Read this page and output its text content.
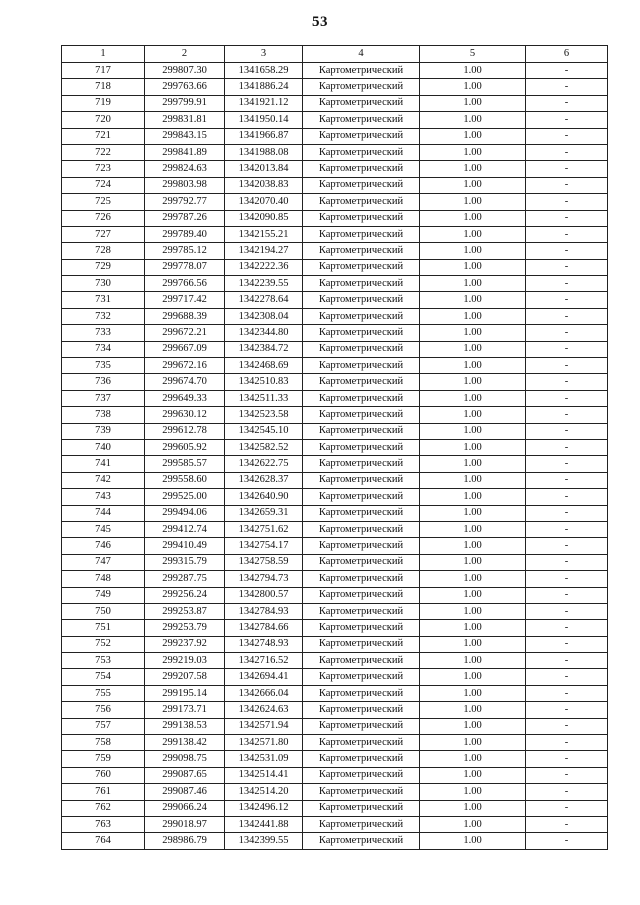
53
1	2	3	4	5	6
717	299807.30	1341658.29	Картометрический	1.00	-
718	299763.66	1341886.24	Картометрический	1.00	-
719	299799.91	1341921.12	Картометрический	1.00	-
720	299831.81	1341950.14	Картометрический	1.00	-
721	299843.15	1341966.87	Картометрический	1.00	-
722	299841.89	1341988.08	Картометрический	1.00	-
723	299824.63	1342013.84	Картометрический	1.00	-
724	299803.98	1342038.83	Картометрический	1.00	-
725	299792.77	1342070.40	Картометрический	1.00	-
726	299787.26	1342090.85	Картометрический	1.00	-
727	299789.40	1342155.21	Картометрический	1.00	-
728	299785.12	1342194.27	Картометрический	1.00	-
729	299778.07	1342222.36	Картометрический	1.00	-
730	299766.56	1342239.55	Картометрический	1.00	-
731	299717.42	1342278.64	Картометрический	1.00	-
732	299688.39	1342308.04	Картометрический	1.00	-
733	299672.21	1342344.80	Картометрический	1.00	-
734	299667.09	1342384.72	Картометрический	1.00	-
735	299672.16	1342468.69	Картометрический	1.00	-
736	299674.70	1342510.83	Картометрический	1.00	-
737	299649.33	1342511.33	Картометрический	1.00	-
738	299630.12	1342523.58	Картометрический	1.00	-
739	299612.78	1342545.10	Картометрический	1.00	-
740	299605.92	1342582.52	Картометрический	1.00	-
741	299585.57	1342622.75	Картометрический	1.00	-
742	299558.60	1342628.37	Картометрический	1.00	-
743	299525.00	1342640.90	Картометрический	1.00	-
744	299494.06	1342659.31	Картометрический	1.00	-
745	299412.74	1342751.62	Картометрический	1.00	-
746	299410.49	1342754.17	Картометрический	1.00	-
747	299315.79	1342758.59	Картометрический	1.00	-
748	299287.75	1342794.73	Картометрический	1.00	-
749	299256.24	1342800.57	Картометрический	1.00	-
750	299253.87	1342784.93	Картометрический	1.00	-
751	299253.79	1342784.66	Картометрический	1.00	-
752	299237.92	1342748.93	Картометрический	1.00	-
753	299219.03	1342716.52	Картометрический	1.00	-
754	299207.58	1342694.41	Картометрический	1.00	-
755	299195.14	1342666.04	Картометрический	1.00	-
756	299173.71	1342624.63	Картометрический	1.00	-
757	299138.53	1342571.94	Картометрический	1.00	-
758	299138.42	1342571.80	Картометрический	1.00	-
759	299098.75	1342531.09	Картометрический	1.00	-
760	299087.65	1342514.41	Картометрический	1.00	-
761	299087.46	1342514.20	Картометрический	1.00	-
762	299066.24	1342496.12	Картометрический	1.00	-
763	299018.97	1342441.88	Картометрический	1.00	-
764	298986.79	1342399.55	Картометрический	1.00	-
